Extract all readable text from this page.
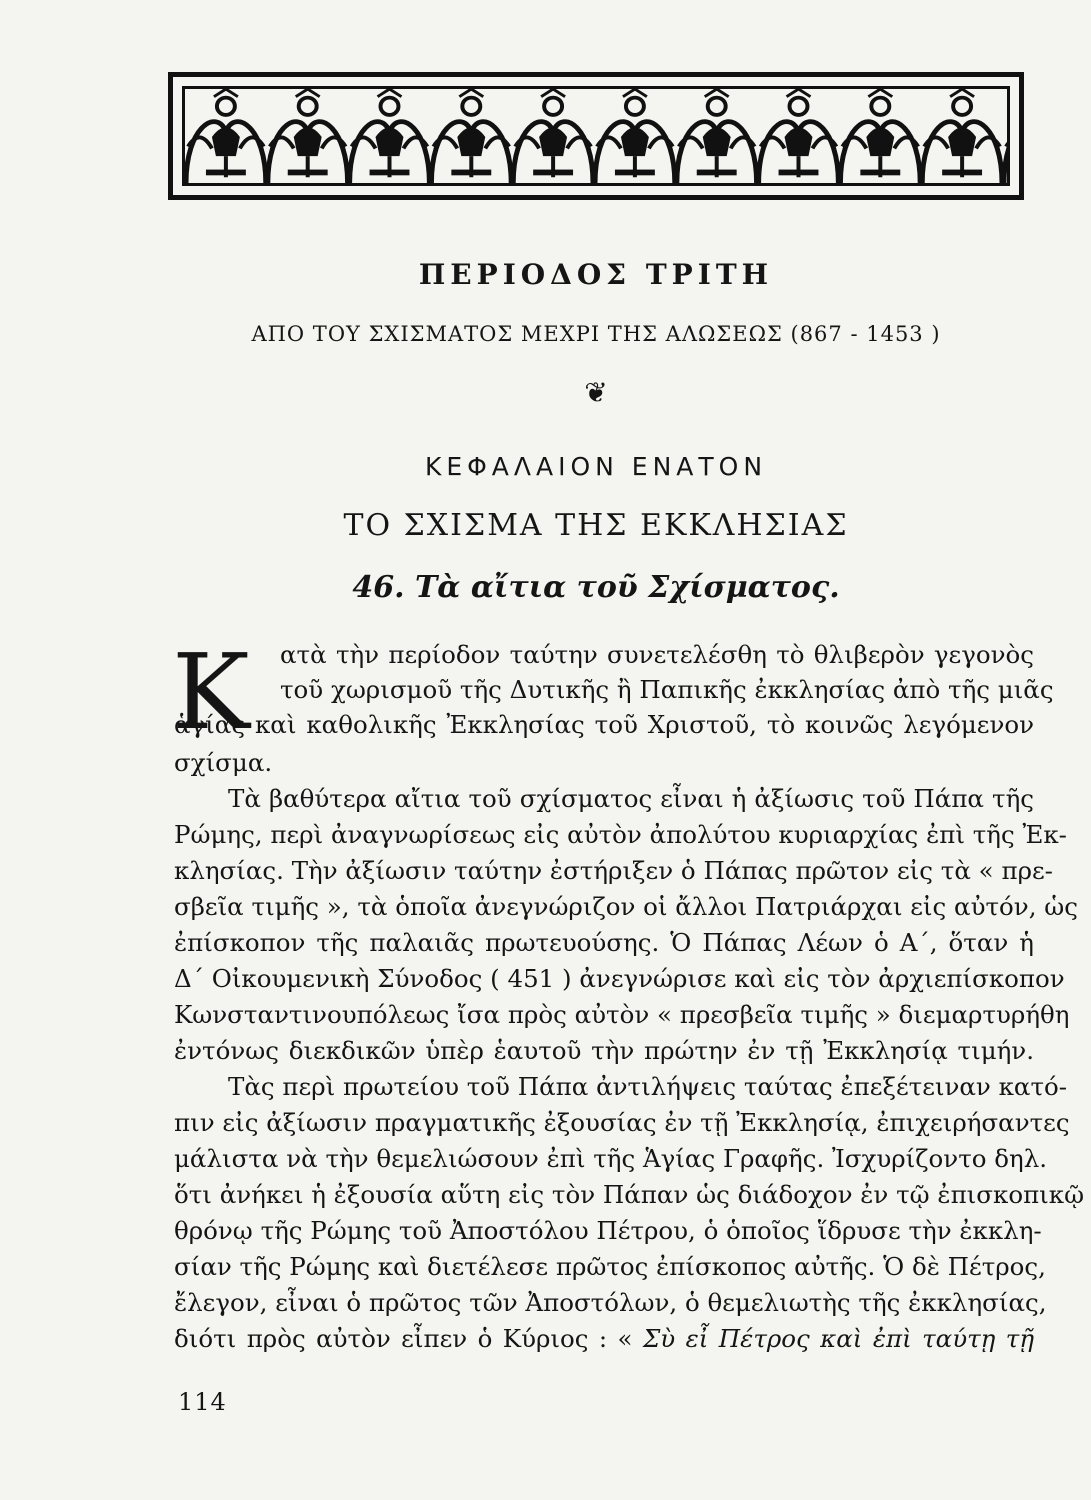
ΠΕΡΙΟΔΟΣ ΤΡΙΤΗ
ΑΠΟ ΤΟΥ ΣΧΙΣΜΑΤΟΣ ΜΕΧΡΙ ΤΗΣ ΑΛΩΣΕΩΣ (867 - 1453 )
❦
ΚΕΦΑΛΑΙΟΝ ΕΝΑΤΟΝ
ΤΟ ΣΧΙΣΜΑ ΤΗΣ ΕΚΚΛΗΣΙΑΣ
46. Τὰ αἴτια τοῦ Σχίσματος.
Κ ατὰ τὴν περίοδον ταύτην συνετελέσθη τὸ θλιβερὸν γεγονὸς
τοῦ χωρισμοῦ τῆς Δυτικῆς ἢ Παπικῆς ἐκκλησίας ἀπὸ τῆς μιᾶς
ἁγίας καὶ καθολικῆς Ἐκκλησίας τοῦ Χριστοῦ, τὸ κοινῶς λεγόμενον
σχίσμα.
Τὰ βαθύτερα αἴτια τοῦ σχίσματος εἶναι ἡ ἀξίωσις τοῦ Πάπα τῆς
Ρώμης, περὶ ἀναγνωρίσεως εἰς αὐτὸν ἀπολύτου κυριαρχίας ἐπὶ τῆς Ἐκ-
κλησίας. Τὴν ἀξίωσιν ταύτην ἐστήριξεν ὁ Πάπας πρῶτον εἰς τὰ « πρε-
σβεῖα τιμῆς », τὰ ὁποῖα ἀνεγνώριζον οἱ ἄλλοι Πατριάρχαι εἰς αὐτόν, ὡς
ἐπίσκοπον τῆς παλαιᾶς πρωτευούσης. Ὁ Πάπας Λέων ὁ Α΄, ὅταν ἡ
Δ΄ Οἰκουμενικὴ Σύνοδος ( 451 ) ἀνεγνώρισε καὶ εἰς τὸν ἀρχιεπίσκοπον
Κωνσταντινουπόλεως ἴσα πρὸς αὐτὸν « πρεσβεῖα τιμῆς » διεμαρτυρήθη
ἐντόνως διεκδικῶν ὑπὲρ ἑαυτοῦ τὴν πρώτην ἐν τῇ Ἐκκλησίᾳ τιμήν.
Τὰς περὶ πρωτείου τοῦ Πάπα ἀντιλήψεις ταύτας ἐπεξέτειναν κατό-
πιν εἰς ἀξίωσιν πραγματικῆς ἐξουσίας ἐν τῇ Ἐκκλησίᾳ, ἐπιχειρήσαντες
μάλιστα νὰ τὴν θεμελιώσουν ἐπὶ τῆς Ἁγίας Γραφῆς. Ἰσχυρίζοντο δηλ.
ὅτι ἀνήκει ἡ ἐξουσία αὕτη εἰς τὸν Πάπαν ὡς διάδοχον ἐν τῷ ἐπισκοπικῷ
θρόνῳ τῆς Ρώμης τοῦ Ἀποστόλου Πέτρου, ὁ ὁποῖος ἵδρυσε τὴν ἐκκλη-
σίαν τῆς Ρώμης καὶ διετέλεσε πρῶτος ἐπίσκοπος αὐτῆς. Ὁ δὲ Πέτρος,
ἔλεγον, εἶναι ὁ πρῶτος τῶν Ἀποστόλων, ὁ θεμελιωτὴς τῆς ἐκκλησίας,
διότι πρὸς αὐτὸν εἶπεν ὁ Κύριος : « Σὺ εἶ Πέτρος καὶ ἐπὶ ταύτῃ τῇ
114
